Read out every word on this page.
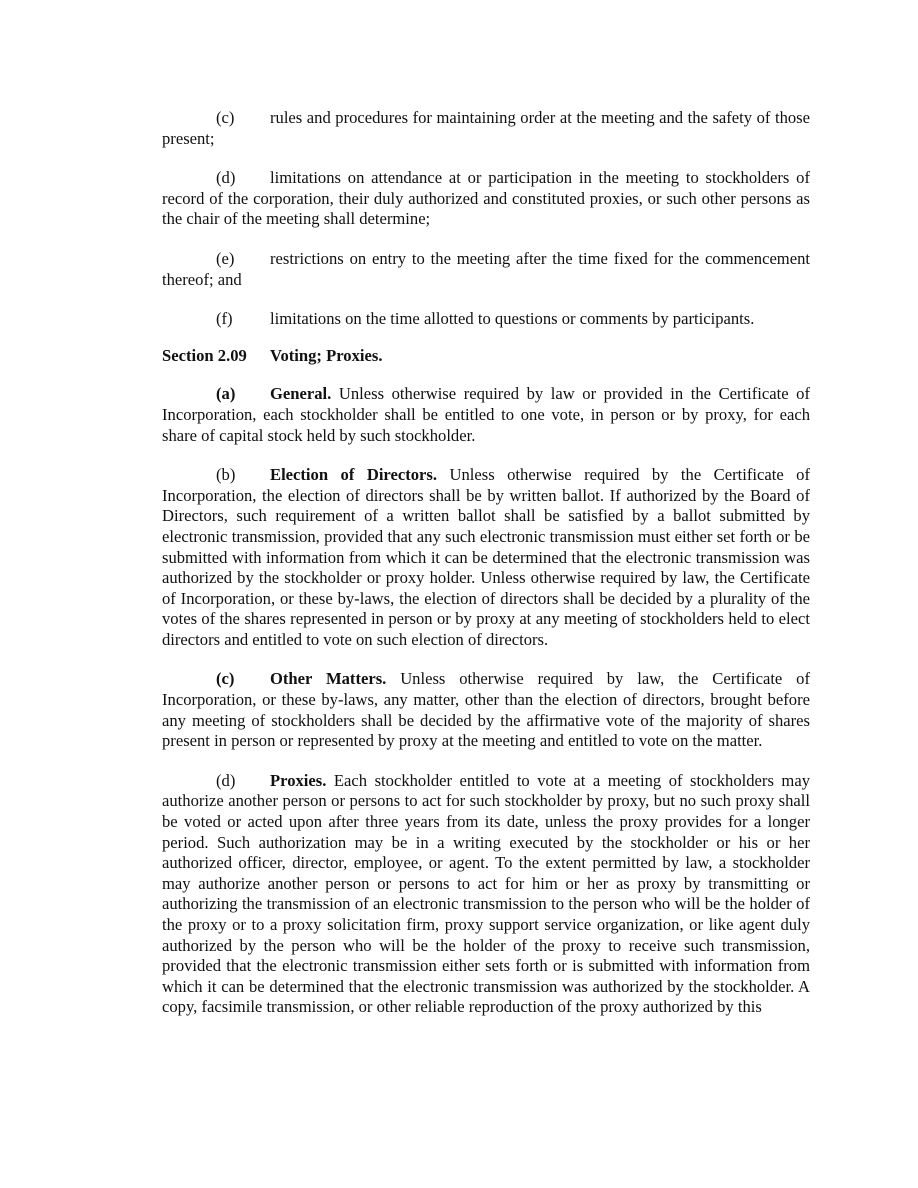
(c) rules and procedures for maintaining order at the meeting and the safety of those present;

(d) limitations on attendance at or participation in the meeting to stockholders of record of the corporation, their duly authorized and constituted proxies, or such other persons as the chair of the meeting shall determine;

(e) restrictions on entry to the meeting after the time fixed for the commencement thereof; and

(f) limitations on the time allotted to questions or comments by participants.

Section 2.09 Voting; Proxies.

(a) General. Unless otherwise required by law or provided in the Certificate of Incorporation, each stockholder shall be entitled to one vote, in person or by proxy, for each share of capital stock held by such stockholder.

(b) Election of Directors. Unless otherwise required by the Certificate of Incorporation, the election of directors shall be by written ballot. If authorized by the Board of Directors, such requirement of a written ballot shall be satisfied by a ballot submitted by electronic transmission, provided that any such electronic transmission must either set forth or be submitted with information from which it can be determined that the electronic transmission was authorized by the stockholder or proxy holder. Unless otherwise required by law, the Certificate of Incorporation, or these by-laws, the election of directors shall be decided by a plurality of the votes of the shares represented in person or by proxy at any meeting of stockholders held to elect directors and entitled to vote on such election of directors.

(c) Other Matters. Unless otherwise required by law, the Certificate of Incorporation, or these by-laws, any matter, other than the election of directors, brought before any meeting of stockholders shall be decided by the affirmative vote of the majority of shares present in person or represented by proxy at the meeting and entitled to vote on the matter.

(d) Proxies. Each stockholder entitled to vote at a meeting of stockholders may authorize another person or persons to act for such stockholder by proxy, but no such proxy shall be voted or acted upon after three years from its date, unless the proxy provides for a longer period. Such authorization may be in a writing executed by the stockholder or his or her authorized officer, director, employee, or agent. To the extent permitted by law, a stockholder may authorize another person or persons to act for him or her as proxy by transmitting or authorizing the transmission of an electronic transmission to the person who will be the holder of the proxy or to a proxy solicitation firm, proxy support service organization, or like agent duly authorized by the person who will be the holder of the proxy to receive such transmission, provided that the electronic transmission either sets forth or is submitted with information from which it can be determined that the electronic transmission was authorized by the stockholder. A copy, facsimile transmission, or other reliable reproduction of the proxy authorized by this
